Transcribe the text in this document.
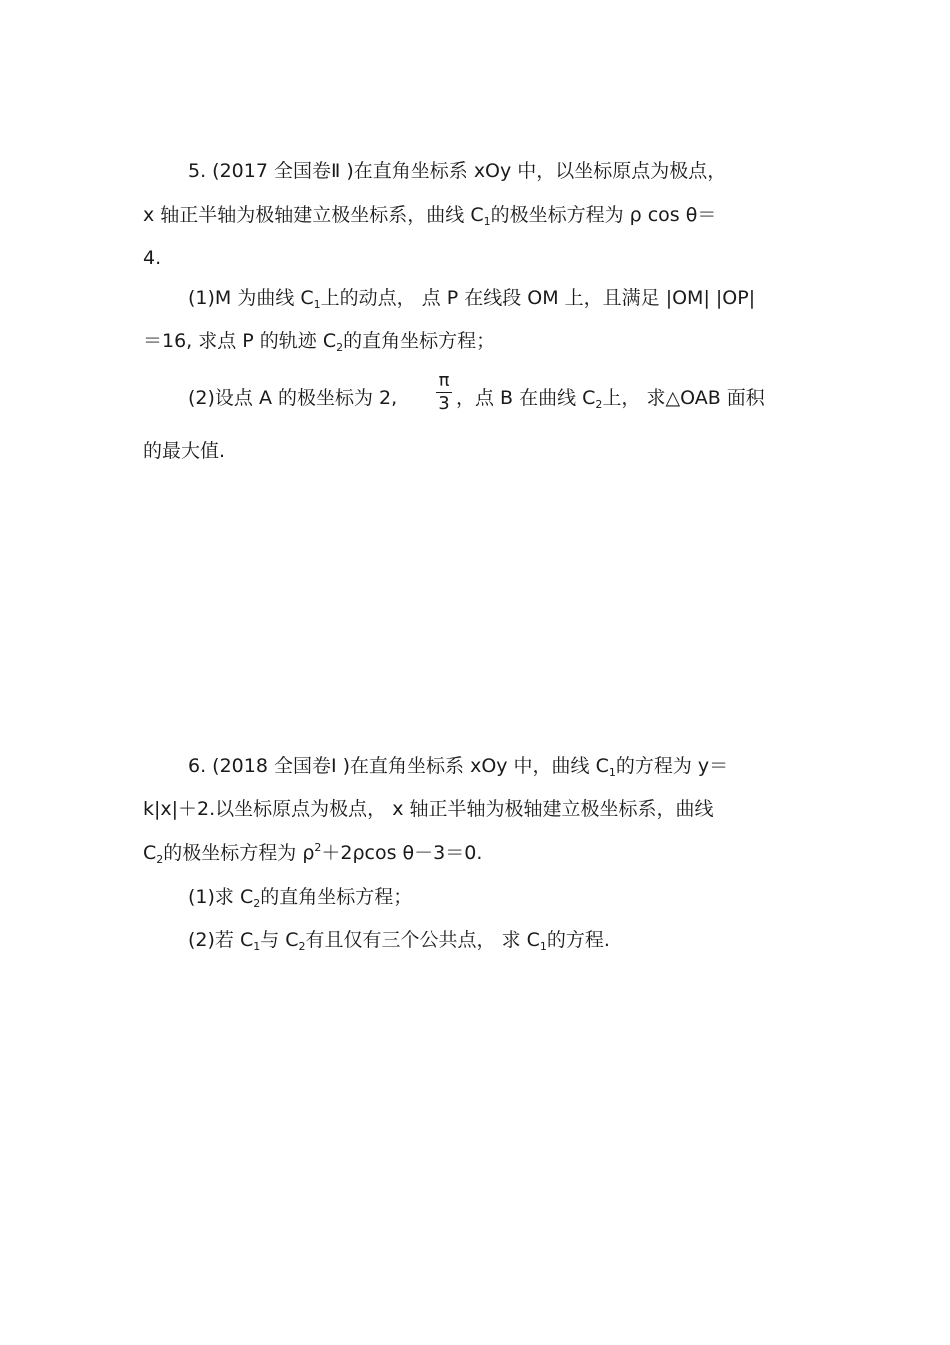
5. (2017 全国卷Ⅱ )在直角坐标系 xOy 中，以坐标原点为极点，
x 轴正半轴为极轴建立极坐标系，曲线 $C_1$的极坐标方程为 ρ cos θ＝
4.
(1)M 为曲线 $C_1$上的动点， 点 P 在线段 OM 上，且满足 |OM| |OP|
＝16, 求点 P 的轨迹 $C_2$的直角坐标方程；
(2)设点 A 的极坐标为 2,
π
3 ，点 B 在曲线 $C_2$上， 求△OAB 面积
的最大值.
6. (2018 全国卷Ⅰ )在直角坐标系 xOy 中，曲线 $C_1$的方程为 y＝
k|x|＋2.以坐标原点为极点， x 轴正半轴为极轴建立极坐标系，曲线
$C_2$的极坐标方程为 $\rho^2+2\rho\cos$ θ－3＝0.
(1)求 $C_2$的直角坐标方程；
(2)若 $C_1$与 $C_2$有且仅有三个公共点， 求 $C_1$的方程.
